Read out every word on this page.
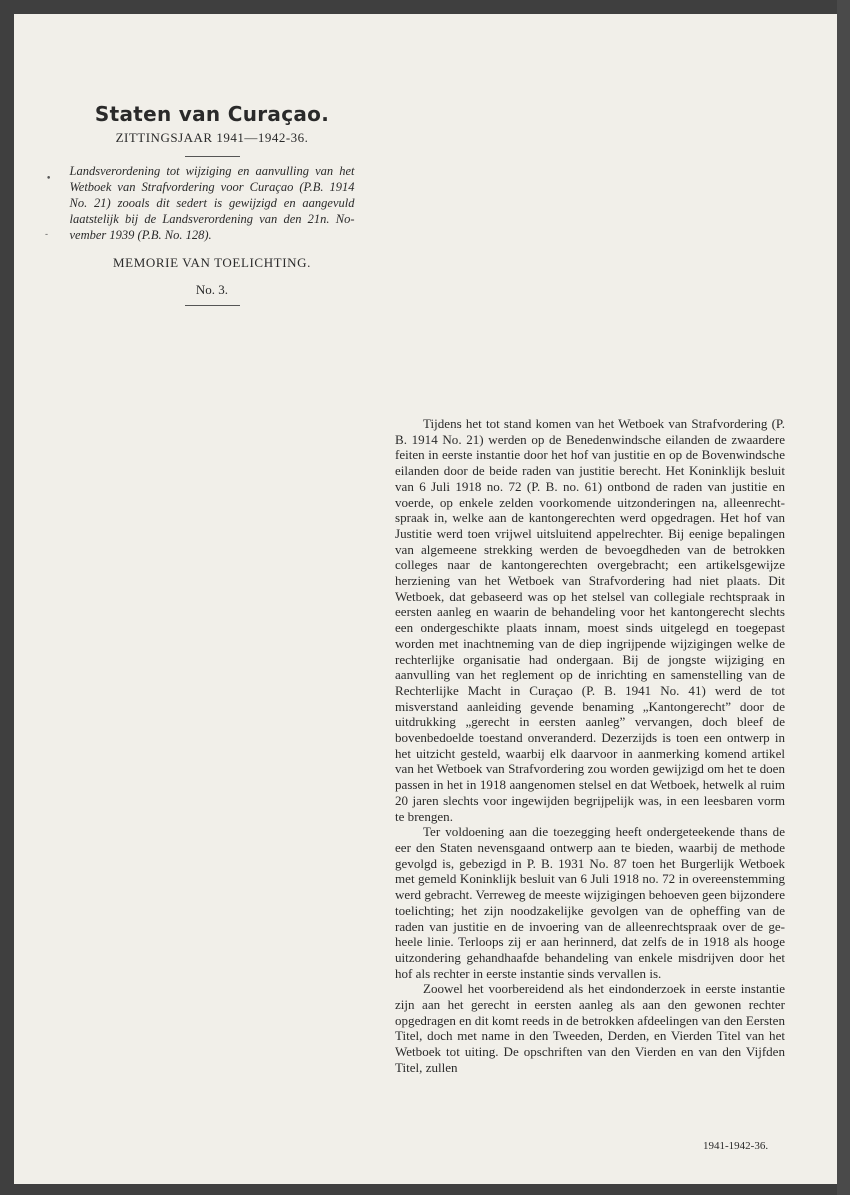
Staten van Curaçao.
ZITTINGSJAAR 1941—1942-36.
Landsverordening tot wijziging en aanvulling van het Wetboek van Strafvordering voor Curaçao (P.B. 1914 No. 21) zooals dit sedert is gewijzigd en aangevuld laatstelijk bij de Landsverordening van den 21n. November 1939 (P.B. No. 128).
MEMORIE VAN TOELICHTING.
No. 3.
•
-

Tijdens het tot stand komen van het Wetboek van Strafvordering (P. B. 1914 No. 21) werden op de Benedenwindsche eilanden de zwaardere feiten in eerste instantie door het hof van justitie en op de Bovenwindsche eilanden door de beide raden van justitie berecht. Het Koninklijk besluit van 6 Juli 1918 no. 72 (P. B. no. 61) ontbond de raden van justitie en voerde, op enkele zelden voorkomende uitzonderingen na, alleenrechtspraak in, welke aan de kantongerechten werd opgedragen. Het hof van Justitie werd toen vrijwel uitsluitend appelrechter. Bij eenige bepalingen van algemeene strekking werden de bevoegdheden van de betrokken colleges naar de kantongerechten overgebracht; een artikelsgewijze herziening van het Wetboek van Strafvordering had niet plaats. Dit Wetboek, dat gebaseerd was op het stelsel van collegiale rechtspraak in eersten aanleg en waarin de behandeling voor het kantongerecht slechts een ondergeschikte plaats innam, moest sinds uitgelegd en toegepast worden met inachtneming van de diep ingrijpende wijzigingen welke de rechterlijke organisatie had ondergaan. Bij de jongste wijziging en aanvulling van het reglement op de inrichting en samenstelling van de Rechterlijke Macht in Curaçao (P. B. 1941 No. 41) werd de tot misverstand aanleiding gevende benaming „Kantongerecht” door de uitdrukking „gerecht in eersten aanleg” vervangen, doch bleef de bovenbedoelde toestand onveranderd. Dezerzijds is toen een ontwerp in het uitzicht gesteld, waarbij elk daarvoor in aanmerking komend artikel van het Wetboek van Strafvordering zou worden gewijzigd om het te doen passen in het in 1918 aangenomen stelsel en dat Wetboek, hetwelk al ruim 20 jaren slechts voor ingewijden begrijpelijk was, in een leesbaren vorm te brengen.

Ter voldoening aan die toezegging heeft ondergeteekende thans de eer den Staten nevensgaand ontwerp aan te bieden, waarbij de methode gevolgd is, gebezigd in P. B. 1931 No. 87 toen het Burgerlijk Wetboek met gemeld Koninklijk besluit van 6 Juli 1918 no. 72 in overeenstemming werd gebracht. Verreweg de meeste wijzigingen behoeven geen bijzondere toelichting; het zijn noodzakelijke gevolgen van de opheffing van de raden van justitie en de invoering van de alleenrechtspraak over de geheele linie. Terloops zij er aan herinnerd, dat zelfs de in 1918 als hooge uitzondering gehandhaafde behandeling van enkele misdrijven door het hof als rechter in eerste instantie sinds vervallen is.

Zoowel het voorbereidend als het eindonderzoek in eerste instantie zijn aan het gerecht in eersten aanleg als aan den gewonen rechter opgedragen en dit komt reeds in de betrokken afdeelingen van den Eersten Titel, doch met name in den Tweeden, Derden, en Vierden Titel van het Wetboek tot uiting. De opschriften van den Vierden en van den Vijfden Titel, zullen

1941-1942-36.
